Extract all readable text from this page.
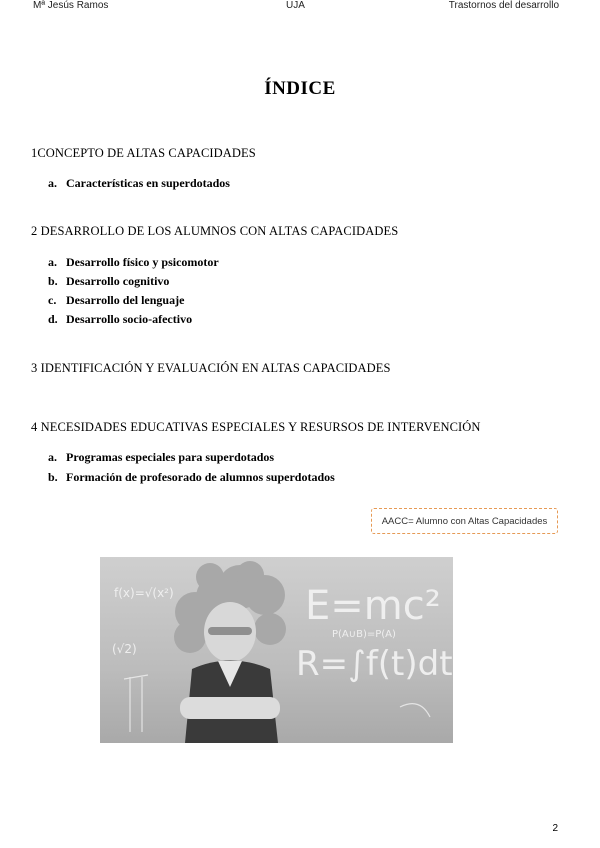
Mª Jesús Ramos	UJA	Trastornos del desarrollo
ÍNDICE
1CONCEPTO DE ALTAS CAPACIDADES
a. Características en superdotados
2 DESARROLLO DE LOS ALUMNOS CON ALTAS CAPACIDADES
a. Desarrollo físico y psicomotor
b. Desarrollo cognitivo
c. Desarrollo del lenguaje
d. Desarrollo socio-afectivo
3 IDENTIFICACIÓN Y EVALUACIÓN EN ALTAS CAPACIDADES
4 NECESIDADES EDUCATIVAS ESPECIALES Y RESURSOS DE INTERVENCIÓN
a. Programas especiales para superdotados
b. Formación de profesorado de alumnos superdotados
AACC= Alumno con Altas Capacidades
E=mc²
R=∫f(t)dt
P(A∪B)=P(A)
(√2)
f(x)=√(x²)
2
